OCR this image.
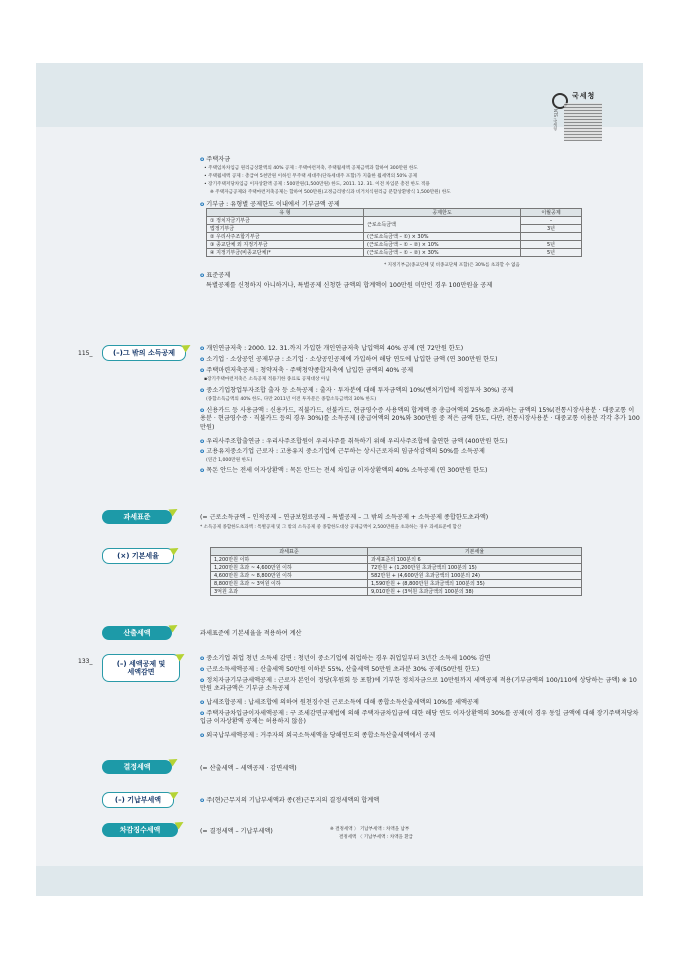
국세청
NTS 국세청
o 주택자금
• 주택임차차입금 원리금상환액의 40% 공제 : 주택마련저축, 주택월세액 공제금액과 합하여 300만원 한도
• 주택월세액 공제 : 총급여 5천만원 이하인 무주택 세대주(단독세대주 포함)가 지출한 월세액의 50% 공제
• 장기주택저당차입금 이자상환액 공제 : 500만원(1,500만원) 한도, 2011. 12. 31. 이전 차입분 총전 한도 적용
※ 주택자금공제와 주택마련저축공제는 합하여 500만원(고정금리방식과 비거치식원리금 분할상환방식 1,500만원) 한도
o 기부금 : 유형별 공제한도 이내에서 기부금액 공제
유 형	공제한도	이월공제
① 정치자금기부금	근로소득금액	–
법정기부금		3년
② 우리사주조합기부금	(근로소득금액 – ①) × 30%	
③ 종교단체 외 지정기부금	(근로소득금액 – ① – ②) × 10%	5년
④ 지정기부금(비종교단체)*	(근로소득금액 – ① – ②) × 30%	5년
* 지정기부금(종교단체 및 비종교단체 포함)은 30%를 초과할 수 없음
o 표준공제
특별공제를 신청하지 아니하거나, 특별공제 신청한 금액의 합계액이 100만원 미만인 경우 100만원을 공제
115_	(–)그 밖의 소득공제
o 개인연금저축 : 2000. 12. 31.까지 가입한 개인연금저축 납입액의 40% 공제 (연 72만원 한도)
o 소기업 · 소상공인 공제부금 : 소기업 · 소상공인공제에 가입하여 해당 연도에 납입한 금액 (연 300만원 한도)
o 주택마련저축공제 : 청약저축 · 주택청약종합저축에 납입한 금액의 40% 공제
▪장기주택마련저축은 소득공제 적용기한 종료로 공제대상 아님
o 중소기업창업투자조합 출자 등 소득공제 : 출자 · 투자분에 대해 투자금액의 10%(벤처기업에 직접투자 30%) 공제
(종합소득금액의 40% 한도, 다만 2011년 이전 투자분은 종합소득금액의 30% 한도)
o 신용카드 등 사용금액 : 신용카드, 직불카드, 선불카드, 현금영수증 사용액의 합계액 중 총급여액의 25%를 초과하는 금액의 15%(전통시장사용분 · 대중교통 이용분 · 현금영수증 · 직불카드 등의 경우 30%)를 소득공제 (총급여액의 20%와 300만원 중 적은 금액 한도, 다만, 전통시장사용분 · 대중교통 이용분 각각 추가 100만원)
o 우리사주조합출연금 : 우리사주조합원이 우리사주를 취득하기 위해 우리사주조합에 출연한 금액 (400만원 한도)
o 고용유지중소기업 근로자 : 고용유지 중소기업에 근무하는 상시근로자의 임금삭감액의 50%를 소득공제
(연간 1,000만원 한도)
o 목돈 안드는 전세 이자상환액 : 목돈 안드는 전세 차입금 이자상환액의 40% 소득공제 (연 300만원 한도)
과세표준	(= 근로소득금액 – 인적공제 – 연금보험료공제 – 특별공제 – 그 밖의 소득공제 + 소득공제 종합한도초과액)
* 소득공제 종합한도초과액 : 특별공제 및 그 밖의 소득공제 중 종합한도대상 공제금액이 2,500만원을 초과하는 경우 과세표준에 합산
(×) 기본세율	과세표준	기본세율
1,200만원 이하	과세표준의 100분의 6
1,200만원 초과 ~ 4,600만원 이하	72만원 + (1,200만원 초과금액의 100분의 15)
4,600만원 초과 ~ 8,800만원 이하	582만원 + (4,600만원 초과금액의 100분의 24)
8,800만원 초과 ~ 3억원 이하	1,590만원 + (8,800만원 초과금액의 100분의 35)
3억원 초과	9,010만원 + (3억원 초과금액의 100분의 38)
산출세액	과세표준에 기본세율을 적용하여 계산
133_	(–) 세액공제 및
세액감면
o 중소기업 취업 청년 소득세 감면 : 청년이 중소기업에 취업하는 경우 취업일부터 3년간 소득세 100% 감면
o 근로소득세액공제 : 산출세액 50만원 이하분 55%, 산출세액 50만원 초과분 30% 공제(50만원 한도)
o 정치자금기부금세액공제 : 근로자 본인이 정당(후원회 등 포함)에 기부한 정치자금으로 10만원까지 세액공제 적용(기부금액의 100/110에 상당하는 금액) ※ 10만원 초과금액은 기부금 소득공제
o 납세조합공제 : 납세조합에 의하여 원천징수된 근로소득에 대해 종합소득산출세액의 10%를 세액공제
o 주택자금차입금이자세액공제 : 구 조세감면규제법에 의해 주택자금차입금에 대한 해당 연도 이자상환액의 30%를 공제(이 경우 동일 금액에 대해 장기주택저당차입금 이자상환액 공제는 허용하지 않음)
o 외국납부세액공제 : 거주자의 외국소득세액을 당해연도의 종합소득산출세액에서 공제
결정세액	(= 산출세액 – 세액공제 · 감면세액)
(–) 기납부세액	o 주(현)근무지의 기납부세액과 종(전)근무지의 결정세액의 합계액
차감징수세액	(= 결정세액 – 기납부세액)	※ 결정세액 〉 기납부세액 : 차액을 납부
결정세액 〈 기납부세액 : 차액을 환급
